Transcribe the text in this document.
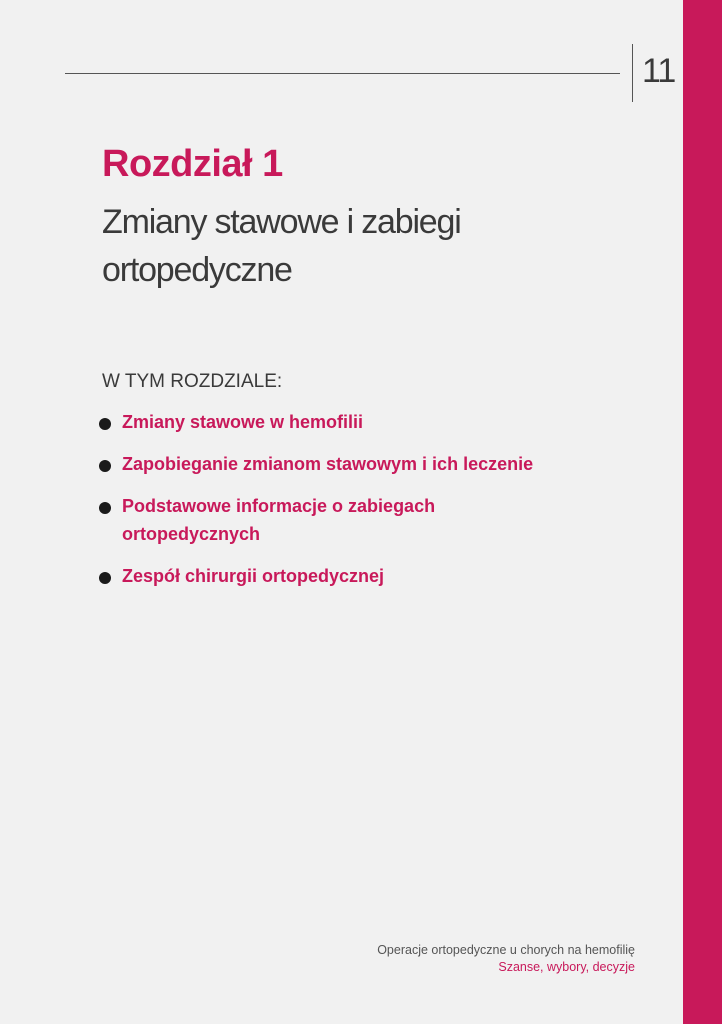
11
Rozdział 1
Zmiany stawowe i zabiegi ortopedyczne
W TYM ROZDZIALE:
Zmiany stawowe w hemofilii
Zapobieganie zmianom stawowym i ich leczenie
Podstawowe informacje o zabiegach ortopedycznych
Zespół chirurgii ortopedycznej
Operacje ortopedyczne u chorych na hemofilię
Szanse, wybory, decyzje
